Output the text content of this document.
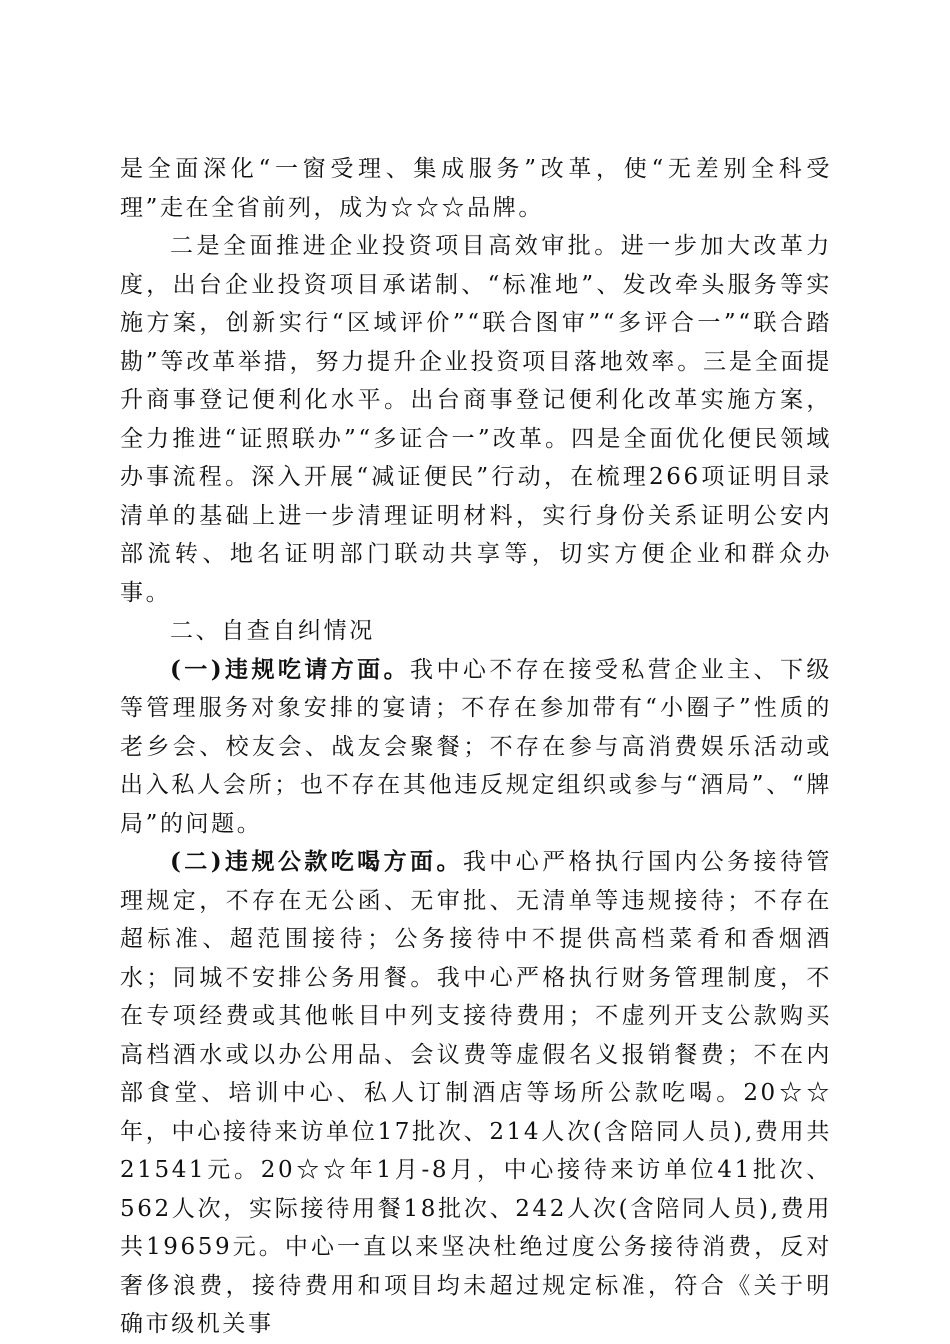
是全面深化“一窗受理、集成服务”改革，使“无差别全科受理”走在全省前列，成为☆☆☆品牌。

二是全面推进企业投资项目高效审批。进一步加大改革力度，出台企业投资项目承诺制、“标准地”、发改牵头服务等实施方案，创新实行“区域评价”“联合图审”“多评合一”“联合踏勘”等改革举措，努力提升企业投资项目落地效率。三是全面提升商事登记便利化水平。出台商事登记便利化改革实施方案，全力推进“证照联办”“多证合一”改革。四是全面优化便民领域办事流程。深入开展“减证便民”行动，在梳理266项证明目录清单的基础上进一步清理证明材料，实行身份关系证明公安内部流转、地名证明部门联动共享等，切实方便企业和群众办事。

二、自查自纠情况

(一)违规吃请方面。我中心不存在接受私营企业主、下级等管理服务对象安排的宴请；不存在参加带有“小圈子”性质的老乡会、校友会、战友会聚餐；不存在参与高消费娱乐活动或出入私人会所；也不存在其他违反规定组织或参与“酒局”、“牌局”的问题。

(二)违规公款吃喝方面。我中心严格执行国内公务接待管理规定，不存在无公函、无审批、无清单等违规接待；不存在超标准、超范围接待；公务接待中不提供高档菜肴和香烟酒水；同城不安排公务用餐。我中心严格执行财务管理制度，不在专项经费或其他帐目中列支接待费用；不虚列开支公款购买高档酒水或以办公用品、会议费等虚假名义报销餐费；不在内部食堂、培训中心、私人订制酒店等场所公款吃喝。20☆☆年，中心接待来访单位17批次、214人次(含陪同人员),费用共21541元。20☆☆年1月-8月，中心接待来访单位41批次、562人次，实际接待用餐18批次、242人次(含陪同人员),费用共19659元。中心一直以来坚决杜绝过度公务接待消费，反对奢侈浪费，接待费用和项目均未超过规定标准，符合《关于明确市级机关事
